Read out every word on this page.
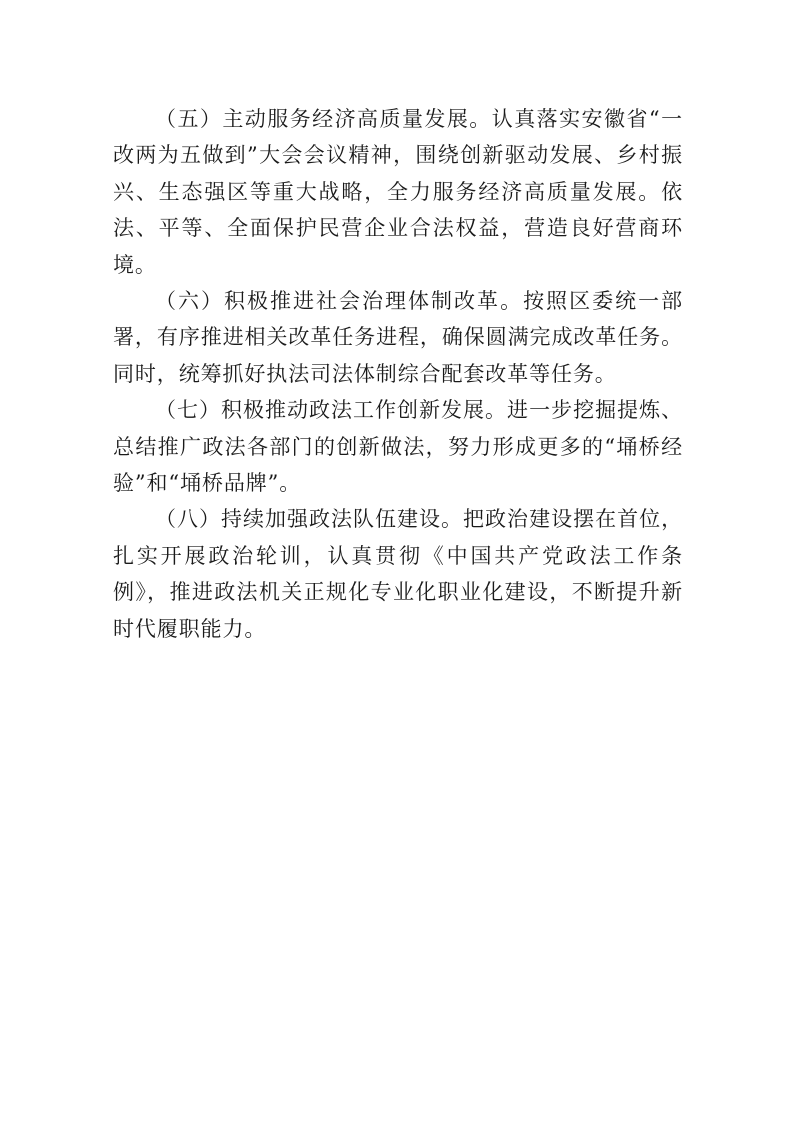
（五）主动服务经济高质量发展。认真落实安徽省“一改两为五做到”大会会议精神，围绕创新驱动发展、乡村振兴、生态强区等重大战略，全力服务经济高质量发展。依法、平等、全面保护民营企业合法权益，营造良好营商环境。

（六）积极推进社会治理体制改革。按照区委统一部署，有序推进相关改革任务进程，确保圆满完成改革任务。同时，统筹抓好执法司法体制综合配套改革等任务。

（七）积极推动政法工作创新发展。进一步挖掘提炼、总结推广政法各部门的创新做法，努力形成更多的“埇桥经验”和“埇桥品牌”。

（八）持续加强政法队伍建设。把政治建设摆在首位，扎实开展政治轮训，认真贯彻《中国共产党政法工作条例》，推进政法机关正规化专业化职业化建设，不断提升新时代履职能力。
